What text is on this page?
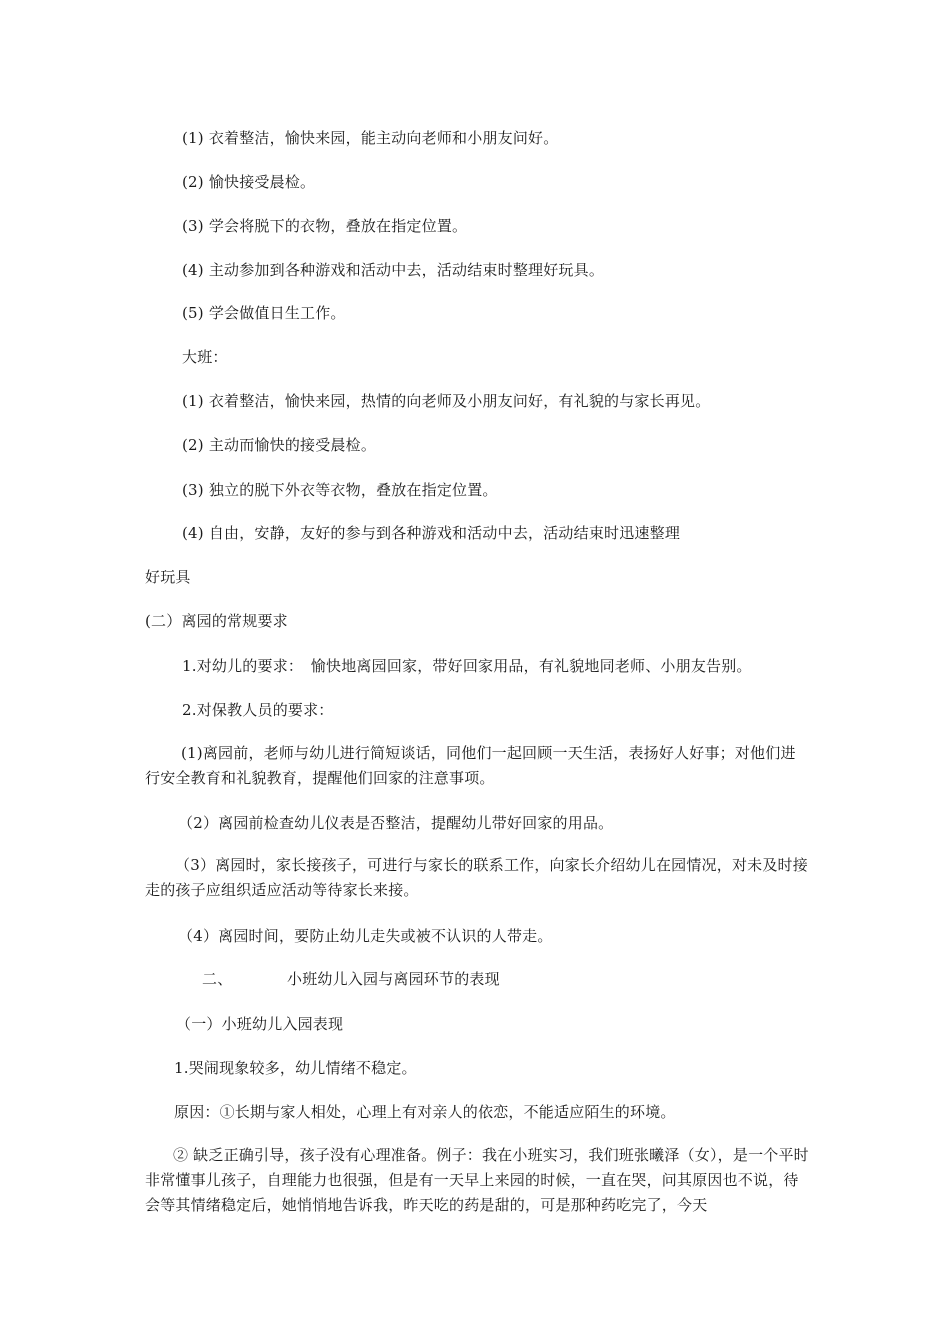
(1) 衣着整洁，愉快来园，能主动向老师和小朋友问好。
(2) 愉快接受晨检。
(3) 学会将脱下的衣物，叠放在指定位置。
(4) 主动参加到各种游戏和活动中去，活动结束时整理好玩具。
(5) 学会做值日生工作。
大班：
(1) 衣着整洁，愉快来园，热情的向老师及小朋友问好，有礼貌的与家长再见。
(2) 主动而愉快的接受晨检。
(3) 独立的脱下外衣等衣物，叠放在指定位置。
(4) 自由，安静，友好的参与到各种游戏和活动中去，活动结束时迅速整理
好玩具
(二）离园的常规要求
1.对幼儿的要求：　愉快地离园回家，带好回家用品，有礼貌地同老师、小朋友告别。
2.对保教人员的要求：
(1)离园前，老师与幼儿进行简短谈话，同他们一起回顾一天生活，表扬好人好事；对他们进行安全教育和礼貌教育，提醒他们回家的注意事项。
（2）离园前检查幼儿仪表是否整洁，提醒幼儿带好回家的用品。
（3）离园时，家长接孩子，可进行与家长的联系工作，向家长介绍幼儿在园情况，对未及时接走的孩子应组织适应活动等待家长来接。
（4）离园时间，要防止幼儿走失或被不认识的人带走。
二、	小班幼儿入园与离园环节的表现
（一）小班幼儿入园表现
1.哭闹现象较多，幼儿情绪不稳定。
原因：①长期与家人相处，心理上有对亲人的依恋，不能适应陌生的环境。
② 缺乏正确引导，孩子没有心理准备。例子：我在小班实习，我们班张曦泽（女），是一个平时非常懂事儿孩子，自理能力也很强，但是有一天早上来园的时候，一直在哭，问其原因也不说，待会等其情绪稳定后，她悄悄地告诉我，昨天吃的药是甜的，可是那种药吃完了，今天
